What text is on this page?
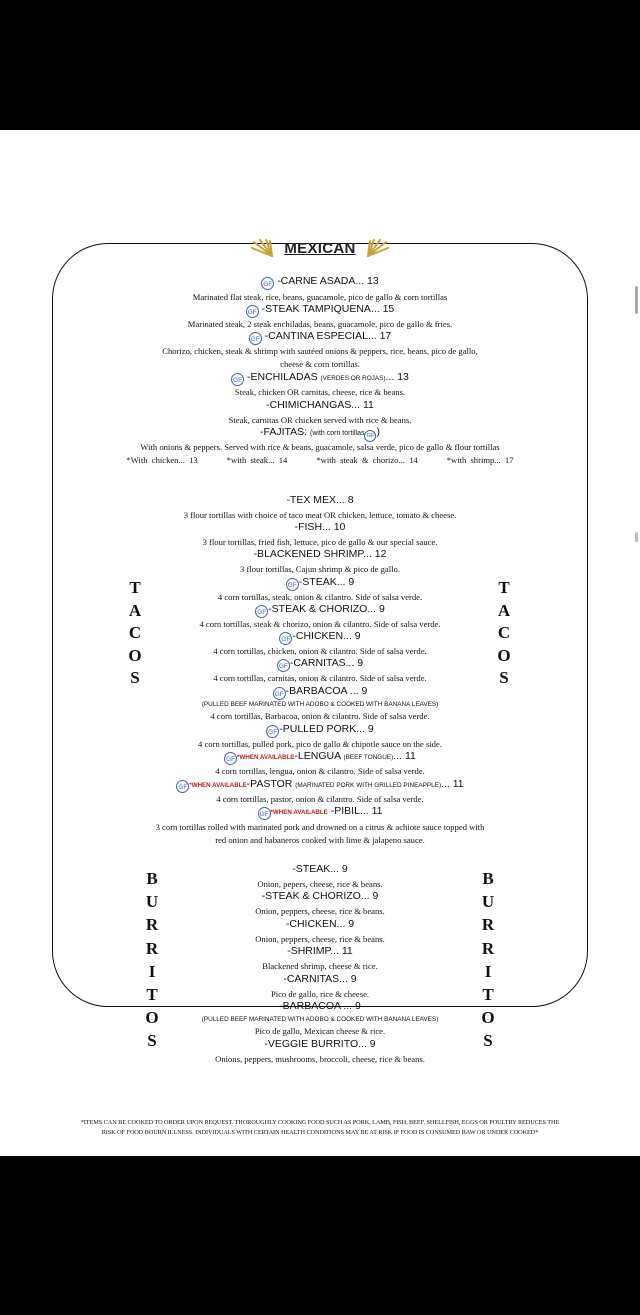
MEXICAN
GF -CARNE ASADA... 13
Marinated flat steak, rice, beans, guacamole, pico de gallo & corn tortillas
GF -STEAK TAMPIQUENA... 15
Marinated steak, 2 steak enchiladas, beans, guacamole, pico de gallo & fries.
GF -CANTINA ESPECIAL... 17
Chorizo, chicken, steak & shrimp with sautéed onions & peppers, rice, beans, pico de gallo,
cheese & corn tortillas.
GF -ENCHILADAS (VERDES OR ROJAS)... 13
Steak, chicken OR carnitas, cheese, rice & beans.
-CHIMICHANGAS... 11
Steak, carnitas OR chicken served with rice & beans.
-FAJITAS: (with corn tortillas GF )
With onions & peppers. Served with rice & beans, guacamole, salsa verde, pico de gallo & flour tortillas
*With chicken... 13	*with steak... 14	*with steak & chorizo... 14	*with shrimp... 17
T
A
C
O
S
T
A
C
O
S
-TEX MEX... 8
3 flour tortillas with choice of taco meat OR chicken, lettuce, tomato & cheese.
-FISH... 10
3 flour tortillas, fried fish, lettuce, pico de gallo & our special sauce.
-BLACKENED SHRIMP... 12
3 flour tortillas, Cajun shrimp & pico de gallo.
GF -STEAK... 9
4 corn tortillas, steak, onion & cilantro. Side of salsa verde.
GF -STEAK & CHORIZO... 9
4 corn tortillas, steak & chorizo, onion & cilantro. Side of salsa verde.
GF -CHICKEN... 9
4 corn tortillas, chicken, onion & cilantro. Side of salsa verde.
GF -CARNITAS... 9
4 corn tortillas, carnitas, onion & cilantro. Side of salsa verde.
GF -BARBACOA ... 9
(PULLED BEEF MARINATED WITH ADOBO & COOKED WITH BANANA LEAVES)
4 corn tortillas, Barbacoa, onion & cilantro. Side of salsa verde.
GF -PULLED PORK... 9
4 corn tortillas, pulled pork, pico de gallo & chipotle sauce on the side.
GF *WHEN AVAILABLE-LENGUA (BEEF TONGUE)... 11
4 corn tortillas, lengua, onion & cilantro. Side of salsa verde.
GF *WHEN AVAILABLE-PASTOR (MARINATED PORK WITH GRILLED PINEAPPLE)... 11
4 corn tortillas, pastor, onion & cilantro. Side of salsa verde.
GF *WHEN AVAILABLE -PIBIL... 11
3 corn tortillas rolled with marinated pork and drowned on a citrus & achiote sauce topped with
red onion and habaneros cooked with lime & jalapeno sauce.
B
U
R
R
I
T
O
S
B
U
R
R
I
T
O
S
-STEAK... 9
Onion, pepers, cheese, rice & beans.
-STEAK & CHORIZO... 9
Onion, peppers, cheese, rice & beans.
-CHICKEN... 9
Onion, peppers, cheese, rice & beans.
-SHRIMP... 11
Blackened shrimp, cheese & rice.
-CARNITAS... 9
Pico de gallo, rice & cheese.
-BARBACOA ... 9
(PULLED BEEF MARINATED WITH ADOBO & COOKED WITH BANANA LEAVES)
Pico de gallo, Mexican cheese & rice.
-VEGGIE BURRITO... 9
Onions, peppers, mushrooms, broccoli, cheese, rice & beans.
*ITEMS CAN BE COOKED TO ORDER UPON REQUEST. THOROUGHLY COOKING FOOD SUCH AS PORK, LAMB, FISH, BEEF, SHELLFISH, EGGS OR POULTRY REDUCES THE
RISK OF FOOD BOURN ILLNESS. INDIVIDUALS WITH CERTAIN HEALTH CONDITIONS MAY BE AT RISK IF FOOD IS CONSUMED RAW OR UNDER COOKED*
